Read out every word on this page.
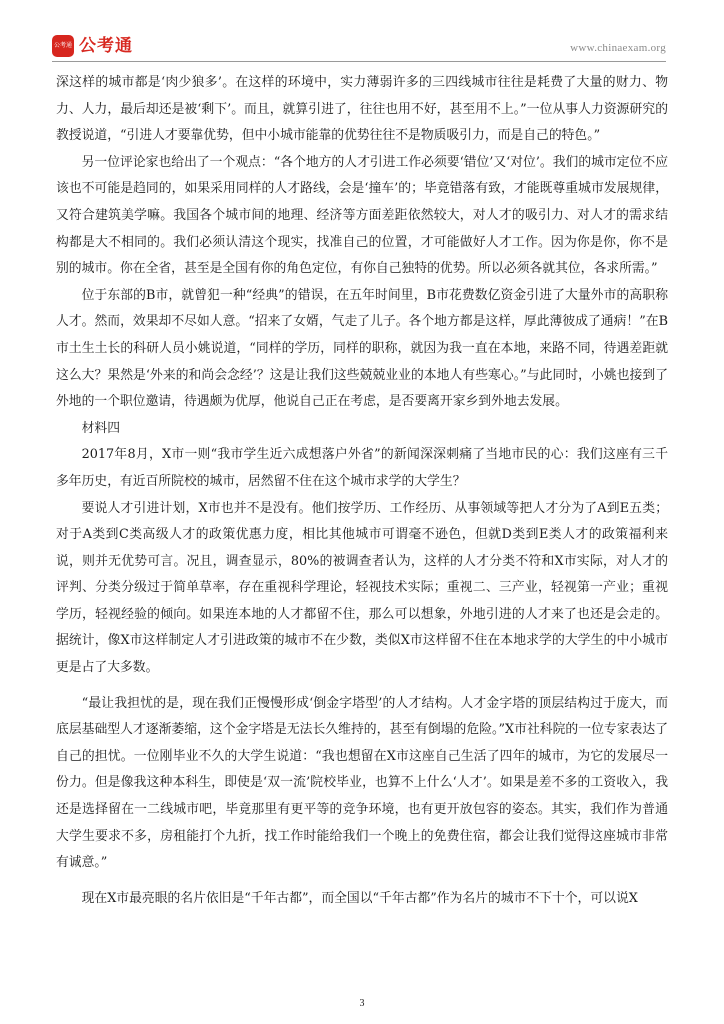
公考通 公考通	www.chinaexam.org

深这样的城市都是‘肉少狼多’。在这样的环境中，实力薄弱许多的三四线城市往往是耗费了大量的财力、物力、人力，最后却还是被‘剩下’。而且，就算引进了，往往也用不好，甚至用不上。”一位从事人力资源研究的教授说道，“引进人才要靠优势，但中小城市能靠的优势往往不是物质吸引力，而是自己的特色。”

另一位评论家也给出了一个观点：“各个地方的人才引进工作必须要‘错位’又‘对位’。我们的城市定位不应该也不可能是趋同的，如果采用同样的人才路线，会是‘撞车’的；毕竟错落有致，才能既尊重城市发展规律，又符合建筑美学嘛。我国各个城市间的地理、经济等方面差距依然较大，对人才的吸引力、对人才的需求结构都是大不相同的。我们必须认清这个现实，找准自己的位置，才可能做好人才工作。因为你是你，你不是别的城市。你在全省，甚至是全国有你的角色定位，有你自己独特的优势。所以必须各就其位，各求所需。”

位于东部的B市，就曾犯一种“经典”的错误，在五年时间里，B市花费数亿资金引进了大量外市的高职称人才。然而，效果却不尽如人意。“招来了女婿，气走了儿子。各个地方都是这样，厚此薄彼成了通病！”在B市土生土长的科研人员小姚说道，“同样的学历，同样的职称，就因为我一直在本地，来路不同，待遇差距就这么大？果然是‘外来的和尚会念经’？这是让我们这些兢兢业业的本地人有些寒心。”与此同时，小姚也接到了外地的一个职位邀请，待遇颇为优厚，他说自己正在考虑，是否要离开家乡到外地去发展。

材料四

2017年8月，X市一则“我市学生近六成想落户外省”的新闻深深刺痛了当地市民的心：我们这座有三千多年历史，有近百所院校的城市，居然留不住在这个城市求学的大学生？

要说人才引进计划，X市也并不是没有。他们按学历、工作经历、从事领域等把人才分为了A到E五类；对于A类到C类高级人才的政策优惠力度，相比其他城市可谓毫不逊色，但就D类到E类人才的政策福利来说，则并无优势可言。况且，调查显示，80%的被调查者认为，这样的人才分类不符和X市实际，对人才的评判、分类分级过于简单草率，存在重视科学理论，轻视技术实际；重视二、三产业，轻视第一产业；重视学历，轻视经验的倾向。如果连本地的人才都留不住，那么可以想象，外地引进的人才来了也还是会走的。据统计，像X市这样制定人才引进政策的城市不在少数，类似X市这样留不住在本地求学的大学生的中小城市更是占了大多数。

“最让我担忧的是，现在我们正慢慢形成‘倒金字塔型’的人才结构。人才金字塔的顶层结构过于庞大，而底层基础型人才逐渐萎缩，这个金字塔是无法长久维持的，甚至有倒塌的危险。”X市社科院的一位专家表达了自己的担忧。一位刚毕业不久的大学生说道：“我也想留在X市这座自己生活了四年的城市，为它的发展尽一份力。但是像我这种本科生，即使是‘双一流’院校毕业，也算不上什么‘人才’。如果是差不多的工资收入，我还是选择留在一二线城市吧，毕竟那里有更平等的竞争环境，也有更开放包容的姿态。其实，我们作为普通大学生要求不多，房租能打个九折，找工作时能给我们一个晚上的免费住宿，都会让我们觉得这座城市非常有诚意。”

现在X市最亮眼的名片依旧是“千年古都”，而全国以“千年古都”作为名片的城市不下十个，可以说X

3
